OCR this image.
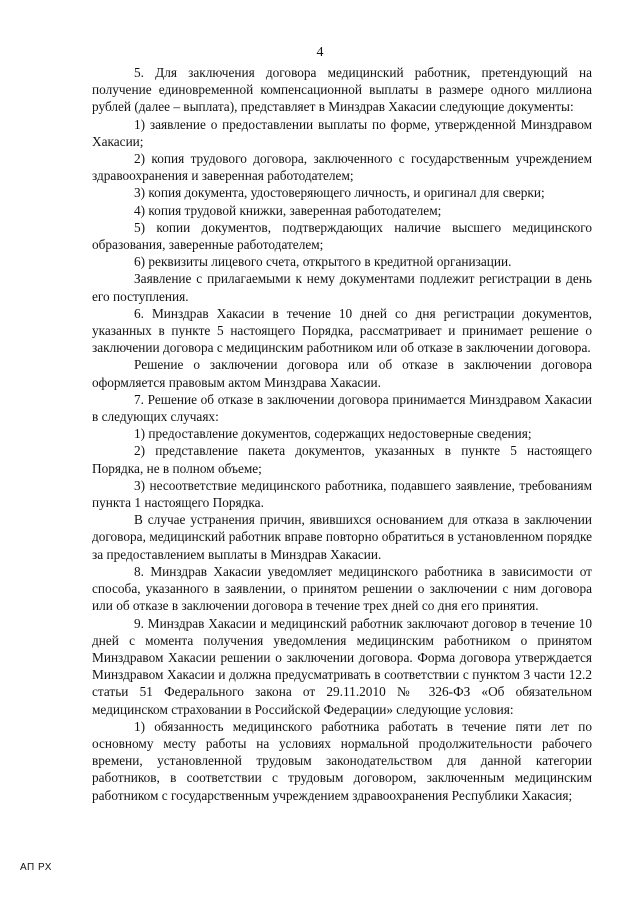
4

5. Для заключения договора медицинский работник, претендующий на получение единовременной компенсационной выплаты в размере одного миллиона рублей (далее – выплата), представляет в Минздрав Хакасии следующие документы:

1) заявление о предоставлении выплаты по форме, утвержденной Минздравом Хакасии;

2) копия трудового договора, заключенного с государственным учреждением здравоохранения и заверенная работодателем;

3) копия документа, удостоверяющего личность, и оригинал для сверки;

4) копия трудовой книжки, заверенная работодателем;

5) копии документов, подтверждающих наличие высшего медицинского образования, заверенные работодателем;

6) реквизиты лицевого счета, открытого в кредитной организации.

Заявление с прилагаемыми к нему документами подлежит регистрации в день его поступления.

6. Минздрав Хакасии в течение 10 дней со дня регистрации документов, указанных в пункте 5 настоящего Порядка, рассматривает и принимает решение о заключении договора с медицинским работником или об отказе в заключении договора.

Решение о заключении договора или об отказе в заключении договора оформляется правовым актом Минздрава Хакасии.

7. Решение об отказе в заключении договора принимается Минздравом Хакасии в следующих случаях:

1) предоставление документов, содержащих недостоверные сведения;

2) представление пакета документов, указанных в пункте 5 настоящего Порядка, не в полном объеме;

3) несоответствие медицинского работника, подавшего заявление, требованиям пункта 1 настоящего Порядка.

В случае устранения причин, явившихся основанием для отказа в заключении договора, медицинский работник вправе повторно обратиться в установленном порядке за предоставлением выплаты в Минздрав Хакасии.

8. Минздрав Хакасии уведомляет медицинского работника в зависимости от способа, указанного в заявлении, о принятом решении о заключении с ним договора или об отказе в заключении договора в течение трех дней со дня его принятия.

9. Минздрав Хакасии и медицинский работник заключают договор в течение 10 дней с момента получения уведомления медицинским работником о принятом Минздравом Хакасии решении о заключении договора. Форма договора утверждается Минздравом Хакасии и должна предусматривать в соответствии с пунктом 3 части 12.2 статьи 51 Федерального закона от 29.11.2010 № 326-ФЗ «Об обязательном медицинском страховании в Российской Федерации» следующие условия:

1) обязанность медицинского работника работать в течение пяти лет по основному месту работы на условиях нормальной продолжительности рабочего времени, установленной трудовым законодательством для данной категории работников, в соответствии с трудовым договором, заключенным медицинским работником с государственным учреждением здравоохранения Республики Хакасия;

АП РХ
